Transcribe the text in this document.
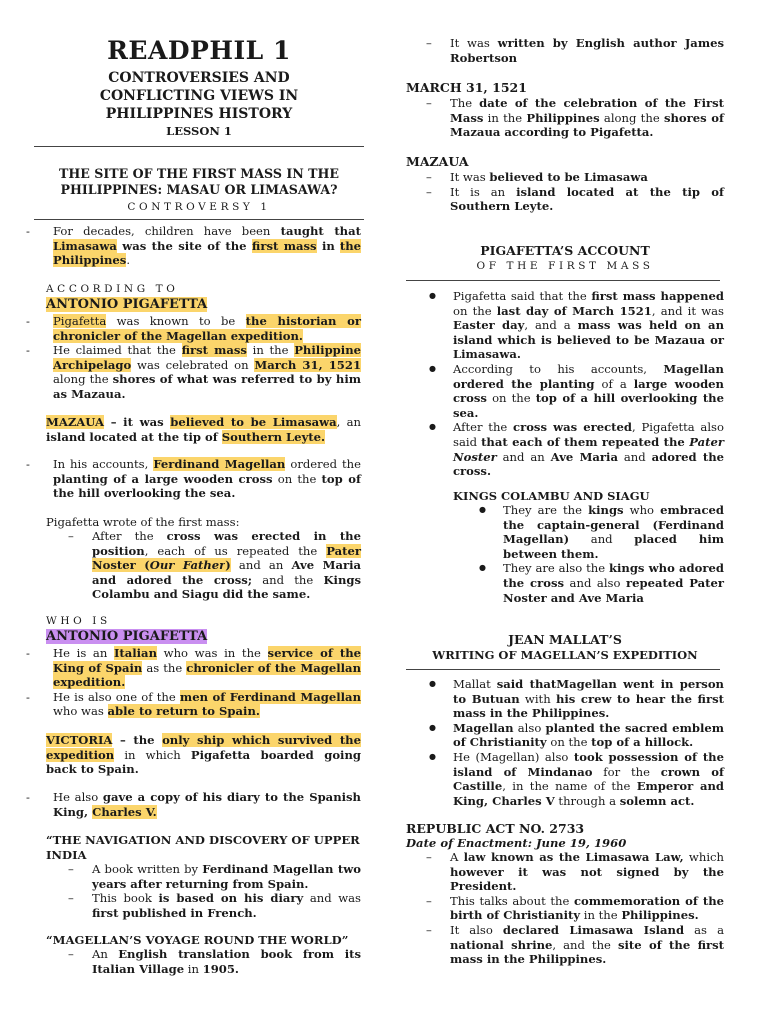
READPHIL 1
CONTROVERSIES AND
CONFLICTING VIEWS IN
PHILIPPINES HISTORY
LESSON 1
THE SITE OF THE FIRST MASS IN THE
PHILIPPINES: MASAU OR LIMASAWA?
CONTROVERSY 1
- For decades, children have been taught that Limasawa was the site of the first mass in the Philippines.
ACCORDING TO
ANTONIO PIGAFETTA
- Pigafetta was known to be the historian or chronicler of the Magellan expedition.
- He claimed that the first mass in the Philippine Archipelago was celebrated on March 31, 1521 along the shores of what was referred to by him as Mazaua.
MAZAUA – it was believed to be Limasawa, an island located at the tip of Southern Leyte.
- In his accounts, Ferdinand Magellan ordered the planting of a large wooden cross on the top of the hill overlooking the sea.
Pigafetta wrote of the first mass:
– After the cross was erected in the position, each of us repeated the Pater Noster (Our Father) and an Ave Maria and adored the cross; and the Kings Colambu and Siagu did the same.
WHO IS
ANTONIO PIGAFETTA
- He is an Italian who was in the service of the King of Spain as the chronicler of the Magellan expedition.
- He is also one of the men of Ferdinand Magellan who was able to return to Spain.
VICTORIA – the only ship which survived the expedition in which Pigafetta boarded going back to Spain.
- He also gave a copy of his diary to the Spanish King, Charles V.
“THE NAVIGATION AND DISCOVERY OF UPPER INDIA
– A book written by Ferdinand Magellan two years after returning from Spain.
– This book is based on his diary and was first published in French.
“MAGELLAN’S VOYAGE ROUND THE WORLD”
– An English translation book from its Italian Village in 1905.
– It was written by English author James Robertson
MARCH 31, 1521
– The date of the celebration of the First Mass in the Philippines along the shores of Mazaua according to Pigafetta.
MAZAUA
– It was believed to be Limasawa
– It is an island located at the tip of Southern Leyte.
PIGAFETTA’S ACCOUNT
OF THE FIRST MASS
● Pigafetta said that the first mass happened on the last day of March 1521, and it was Easter day, and a mass was held on an island which is believed to be Mazaua or Limasawa.
● According to his accounts, Magellan ordered the planting of a large wooden cross on the top of a hill overlooking the sea.
● After the cross was erected, Pigafetta also said that each of them repeated the Pater Noster and an Ave Maria and adored the cross.
KINGS COLAMBU AND SIAGU
● They are the kings who embraced the captain-general (Ferdinand Magellan) and placed him between them.
● They are also the kings who adored the cross and also repeated Pater Noster and Ave Maria
JEAN MALLAT’S
WRITING OF MAGELLAN’S EXPEDITION
● Mallat said thatMagellan went in person to Butuan with his crew to hear the first mass in the Philippines.
● Magellan also planted the sacred emblem of Christianity on the top of a hillock.
● He (Magellan) also took possession of the island of Mindanao for the crown of Castille, in the name of the Emperor and King, Charles V through a solemn act.
REPUBLIC ACT NO. 2733
Date of Enactment: June 19, 1960
– A law known as the Limasawa Law, which however it was not signed by the President.
– This talks about the commemoration of the birth of Christianity in the Philippines.
– It also declared Limasawa Island as a national shrine, and the site of the first mass in the Philippines.
